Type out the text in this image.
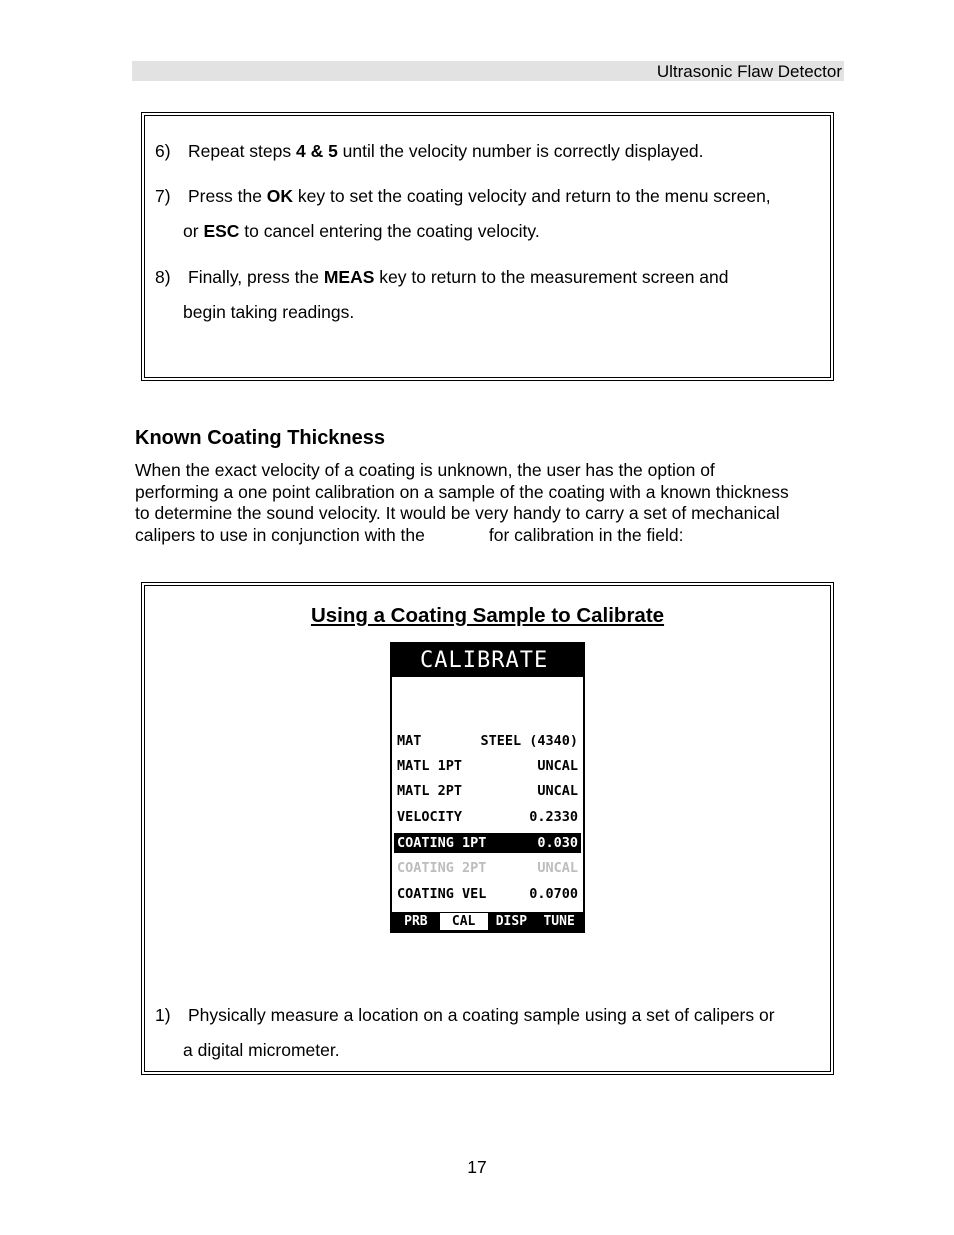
Ultrasonic Flaw Detector
6) Repeat steps 4 & 5 until the velocity number is correctly displayed.
7) Press the OK key to set the coating velocity and return to the menu screen,
or ESC to cancel entering the coating velocity.
8) Finally, press the MEAS key to return to the measurement screen and
begin taking readings.
Known Coating Thickness
When the exact velocity of a coating is unknown, the user has the option of
performing a one point calibration on a sample of the coating with a known thickness
to determine the sound velocity. It would be very handy to carry a set of mechanical
calipers to use in conjunction with the	for calibration in the field:
Using a Coating Sample to Calibrate
1) Physically measure a location on a coating sample using a set of calipers or
a digital micrometer.
CALIBRATE
MAT	STEEL (4340)
MATL 1PT	UNCAL
MATL 2PT	UNCAL
VELOCITY	0.2330
COATING 1PT	0.030
COATING 2PT	UNCAL
COATING VEL	0.0700
PRB	CAL	DISP	TUNE
17
